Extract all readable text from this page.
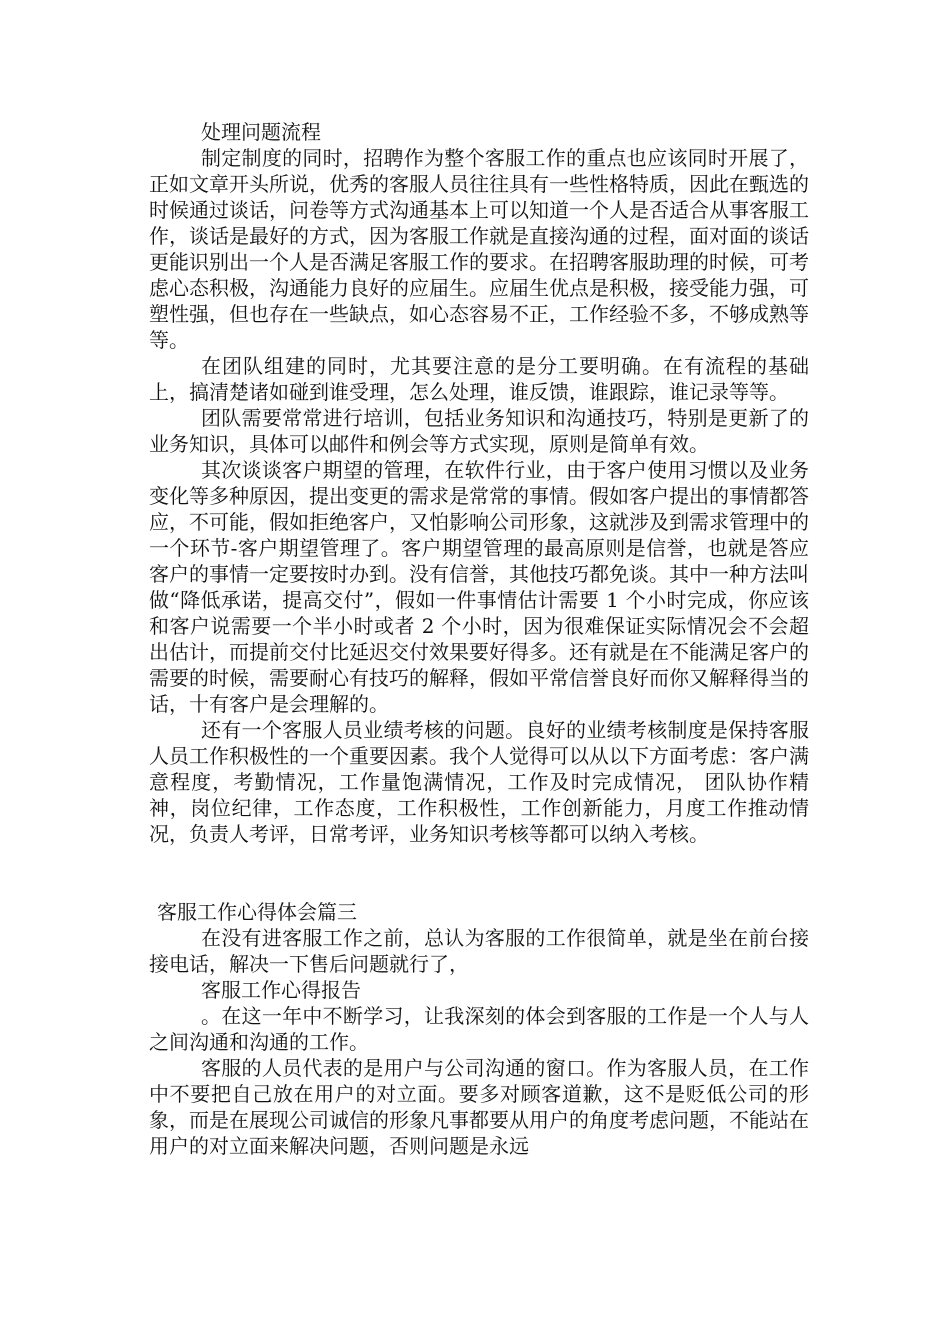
处理问题流程

制定制度的同时，招聘作为整个客服工作的重点也应该同时开展了，正如文章开头所说，优秀的客服人员往往具有一些性格特质，因此在甄选的时候通过谈话，问卷等方式沟通基本上可以知道一个人是否适合从事客服工作，谈话是最好的方式，因为客服工作就是直接沟通的过程，面对面的谈话更能识别出一个人是否满足客服工作的要求。在招聘客服助理的时候，可考虑心态积极，沟通能力良好的应届生。应届生优点是积极，接受能力强，可塑性强，但也存在一些缺点，如心态容易不正，工作经验不多，不够成熟等等。

在团队组建的同时，尤其要注意的是分工要明确。在有流程的基础上，搞清楚诸如碰到谁受理，怎么处理，谁反馈，谁跟踪，谁记录等等。

团队需要常常进行培训，包括业务知识和沟通技巧，特别是更新了的业务知识，具体可以邮件和例会等方式实现，原则是简单有效。

其次谈谈客户期望的管理，在软件行业，由于客户使用习惯以及业务变化等多种原因，提出变更的需求是常常的事情。假如客户提出的事情都答应，不可能，假如拒绝客户，又怕影响公司形象，这就涉及到需求管理中的一个环节-客户期望管理了。客户期望管理的最高原则是信誉，也就是答应客户的事情一定要按时办到。没有信誉，其他技巧都免谈。其中一种方法叫做“降低承诺，提高交付”，假如一件事情估计需要 1 个小时完成，你应该和客户说需要一个半小时或者 2 个小时，因为很难保证实际情况会不会超出估计，而提前交付比延迟交付效果要好得多。还有就是在不能满足客户的需要的时候，需要耐心有技巧的解释，假如平常信誉良好而你又解释得当的话，十有客户是会理解的。

还有一个客服人员业绩考核的问题。良好的业绩考核制度是保持客服人员工作积极性的一个重要因素。我个人觉得可以从以下方面考虑：客户满意程度，考勤情况，工作量饱满情况，工作及时完成情况， 团队协作精神，岗位纪律，工作态度，工作积极性，工作创新能力，月度工作推动情况，负责人考评，日常考评，业务知识考核等都可以纳入考核。

客服工作心得体会篇三

在没有进客服工作之前，总认为客服的工作很简单，就是坐在前台接接电话，解决一下售后问题就行了，

客服工作心得报告

。在这一年中不断学习，让我深刻的体会到客服的工作是一个人与人之间沟通和沟通的工作。

客服的人员代表的是用户与公司沟通的窗口。作为客服人员，在工作中不要把自己放在用户的对立面。要多对顾客道歉，这不是贬低公司的形象，而是在展现公司诚信的形象凡事都要从用户的角度考虑问题，不能站在用户的对立面来解决问题，否则问题是永远
